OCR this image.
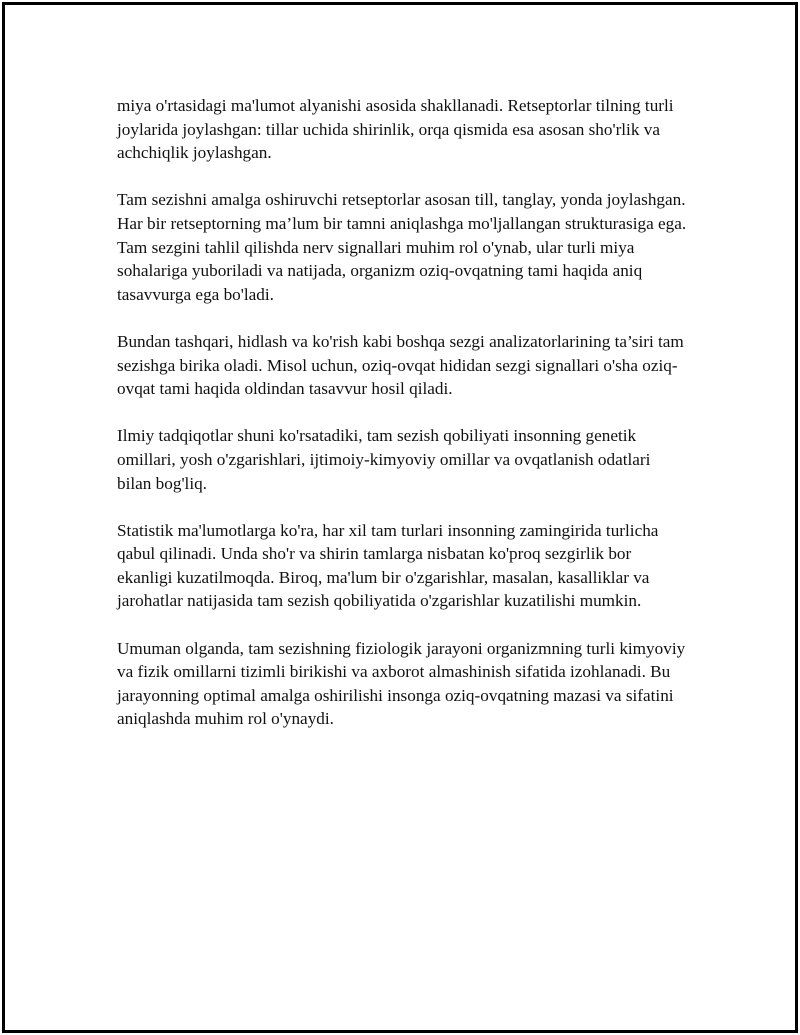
miya o'rtasidagi ma'lumot alyanishi asosida shakllanadi. Retseptorlar tilning turli joylarida joylashgan: tillar uchida shirinlik, orqa qismida esa asosan sho'rlik va achchiqlik joylashgan.

Tam sezishni amalga oshiruvchi retseptorlar asosan till, tanglay, yonda joylashgan. Har bir retseptorning ma’lum bir tamni aniqlashga mo'ljallangan strukturasiga ega. Tam sezgini tahlil qilishda nerv signallari muhim rol o'ynab, ular turli miya sohalariga yuboriladi va natijada, organizm oziq-ovqatning tami haqida aniq tasavvurga ega bo'ladi.

Bundan tashqari, hidlash va ko'rish kabi boshqa sezgi analizatorlarining ta’siri tam sezishga birika oladi. Misol uchun, oziq-ovqat hididan sezgi signallari o'sha oziq-ovqat tami haqida oldindan tasavvur hosil qiladi.

Ilmiy tadqiqotlar shuni ko'rsatadiki, tam sezish qobiliyati insonning genetik omillari, yosh o'zgarishlari, ijtimoiy-kimyoviy omillar va ovqatlanish odatlari bilan bog'liq.

Statistik ma'lumotlarga ko'ra, har xil tam turlari insonning zamingirida turlicha qabul qilinadi. Unda sho'r va shirin tamlarga nisbatan ko'proq sezgirlik bor ekanligi kuzatilmoqda. Biroq, ma'lum bir o'zgarishlar, masalan, kasalliklar va jarohatlar natijasida tam sezish qobiliyatida o'zgarishlar kuzatilishi mumkin.

Umuman olganda, tam sezishning fiziologik jarayoni organizmning turli kimyoviy va fizik omillarni tizimli birikishi va axborot almashinish sifatida izohlanadi. Bu jarayonning optimal amalga oshirilishi insonga oziq-ovqatning mazasi va sifatini aniqlashda muhim rol o'ynaydi.
